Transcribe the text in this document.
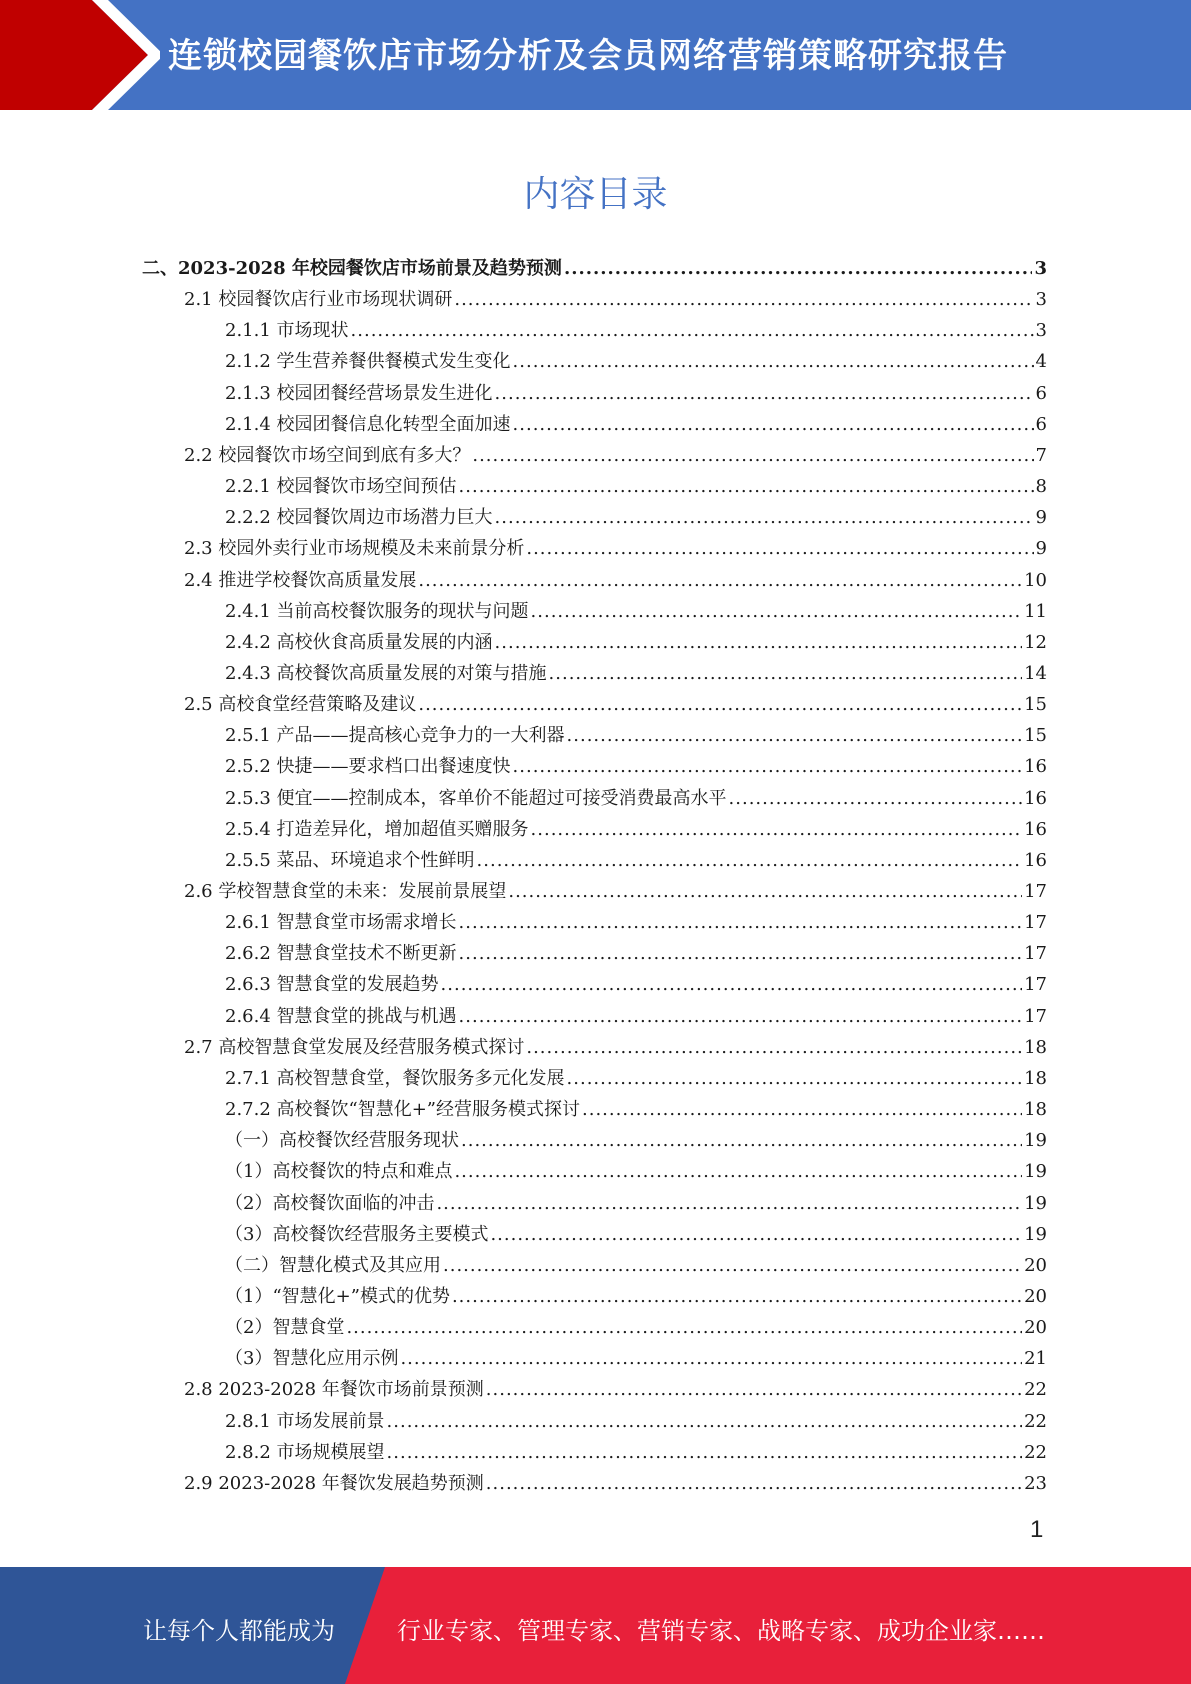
连锁校园餐饮店市场分析及会员网络营销策略研究报告
内容目录
二、2023-2028 年校园餐饮店市场前景及趋势预测 .....	3
2.1 校园餐饮店行业市场现状调研 .....	3
2.1.1 市场现状 .....	3
2.1.2 学生营养餐供餐模式发生变化 .....	4
2.1.3 校园团餐经营场景发生进化 .....	6
2.1.4 校园团餐信息化转型全面加速 .....	6
2.2 校园餐饮市场空间到底有多大？ .....	7
2.2.1 校园餐饮市场空间预估 .....	8
2.2.2 校园餐饮周边市场潜力巨大 .....	9
2.3 校园外卖行业市场规模及未来前景分析 .....	9
2.4 推进学校餐饮高质量发展 .....	10
2.4.1 当前高校餐饮服务的现状与问题 .....	11
2.4.2 高校伙食高质量发展的内涵 .....	12
2.4.3 高校餐饮高质量发展的对策与措施 .....	14
2.5 高校食堂经营策略及建议 .....	15
2.5.1 产品——提高核心竞争力的一大利器 .....	15
2.5.2 快捷——要求档口出餐速度快 .....	16
2.5.3 便宜——控制成本，客单价不能超过可接受消费最高水平 .....	16
2.5.4 打造差异化，增加超值买赠服务 .....	16
2.5.5 菜品、环境追求个性鲜明 .....	16
2.6 学校智慧食堂的未来：发展前景展望 .....	17
2.6.1 智慧食堂市场需求增长 .....	17
2.6.2 智慧食堂技术不断更新 .....	17
2.6.3 智慧食堂的发展趋势 .....	17
2.6.4 智慧食堂的挑战与机遇 .....	17
2.7 高校智慧食堂发展及经营服务模式探讨 .....	18
2.7.1 高校智慧食堂，餐饮服务多元化发展 .....	18
2.7.2 高校餐饮“智慧化+”经营服务模式探讨 .....	18
（一）高校餐饮经营服务现状 .....	19
（1）高校餐饮的特点和难点 .....	19
（2）高校餐饮面临的冲击 .....	19
（3）高校餐饮经营服务主要模式 .....	19
（二）智慧化模式及其应用 .....	20
（1）“智慧化+”模式的优势 .....	20
（2）智慧食堂 .....	20
（3）智慧化应用示例 .....	21
2.8 2023-2028 年餐饮市场前景预测 .....	22
2.8.1 市场发展前景 .....	22
2.8.2 市场规模展望 .....	22
2.9 2023-2028 年餐饮发展趋势预测 .....	23
1
让每个人都能成为	行业专家、管理专家、营销专家、战略专家、成功企业家……
